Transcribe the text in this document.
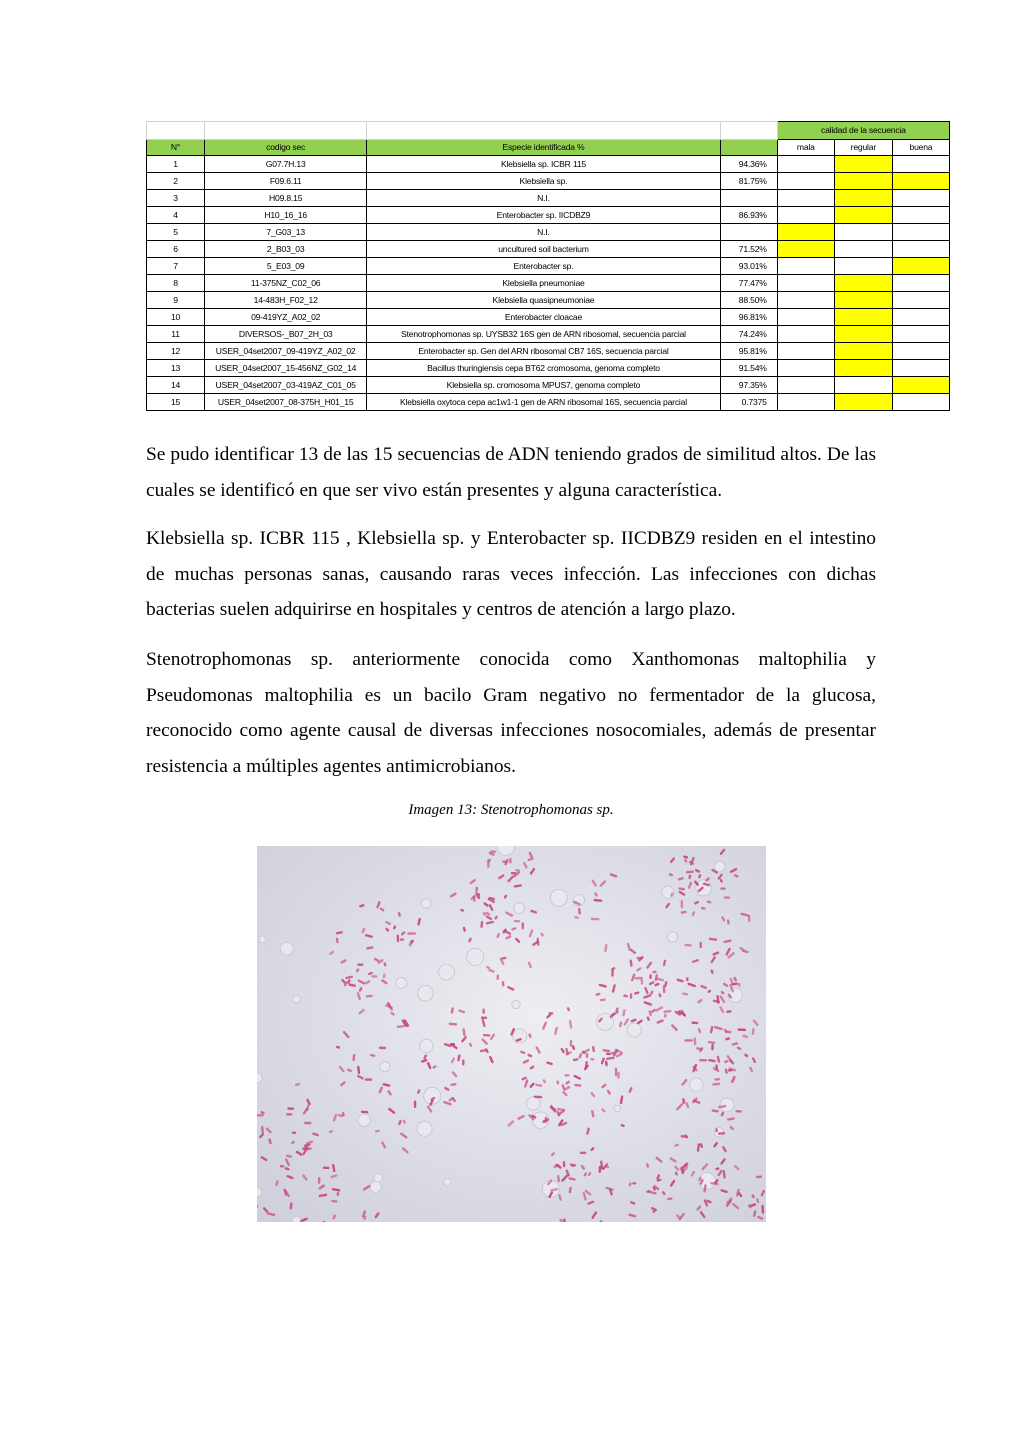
				calidad de la secuencia		
N°	codigo sec	Especie identificada %		mala	regular	buena
1	G07.7H.13	Klebsiella sp. ICBR 115	94.36%			
2	F09.6.11	Klebsiella sp.	81.75%			
3	H09.8.15	N.I.				
4	H10_16_16	Enterobacter sp. IICDBZ9	86.93%			
5	7_G03_13	N.I.				
6	2_B03_03	uncultured soil bacterium	71.52%			
7	5_E03_09	Enterobacter sp.	93.01%			
8	11-375NZ_C02_06	Klebsiella pneumoniae	77.47%			
9	14-483H_F02_12	Klebsiella quasipneumoniae	88.50%			
10	09-419YZ_A02_02	Enterobacter cloacae	96.81%			
11	DIVERSOS-_B07_2H_03	Stenotrophomonas sp. UYSB32 16S gen de ARN ribosomal, secuencia parcial	74.24%			
12	USER_04set2007_09-419YZ_A02_02	Enterobacter sp. Gen del ARN ribosomal CB7 16S, secuencia parcial	95.81%			
13	USER_04set2007_15-456NZ_G02_14	Bacillus thuringiensis cepa BT62 cromosoma, genoma completo	91.54%			
14	USER_04set2007_03-419AZ_C01_05	Klebsiella sp. cromosoma MPUS7, genoma completo	97.35%			
15	USER_04set2007_08-375H_H01_15	Klebsiella oxytoca cepa ac1w1-1 gen de ARN ribosomal 16S, secuencia parcial	0.7375			

Se pudo identificar 13 de las 15 secuencias de ADN teniendo grados de similitud altos. De las cuales se identificó en que ser vivo están presentes y alguna característica.

Klebsiella sp. ICBR 115 , Klebsiella sp. y Enterobacter sp. IICDBZ9 residen en el intestino de muchas personas sanas, causando raras veces infección. Las infecciones con dichas bacterias suelen adquirirse en hospitales y centros de atención a largo plazo.

Stenotrophomonas sp. anteriormente conocida como Xanthomonas maltophilia y Pseudomonas maltophilia es un bacilo Gram negativo no fermentador de la glucosa, reconocido como agente causal de diversas infecciones nosocomiales, además de presentar resistencia a múltiples agentes antimicrobianos.

Imagen 13: Stenotrophomonas sp.
